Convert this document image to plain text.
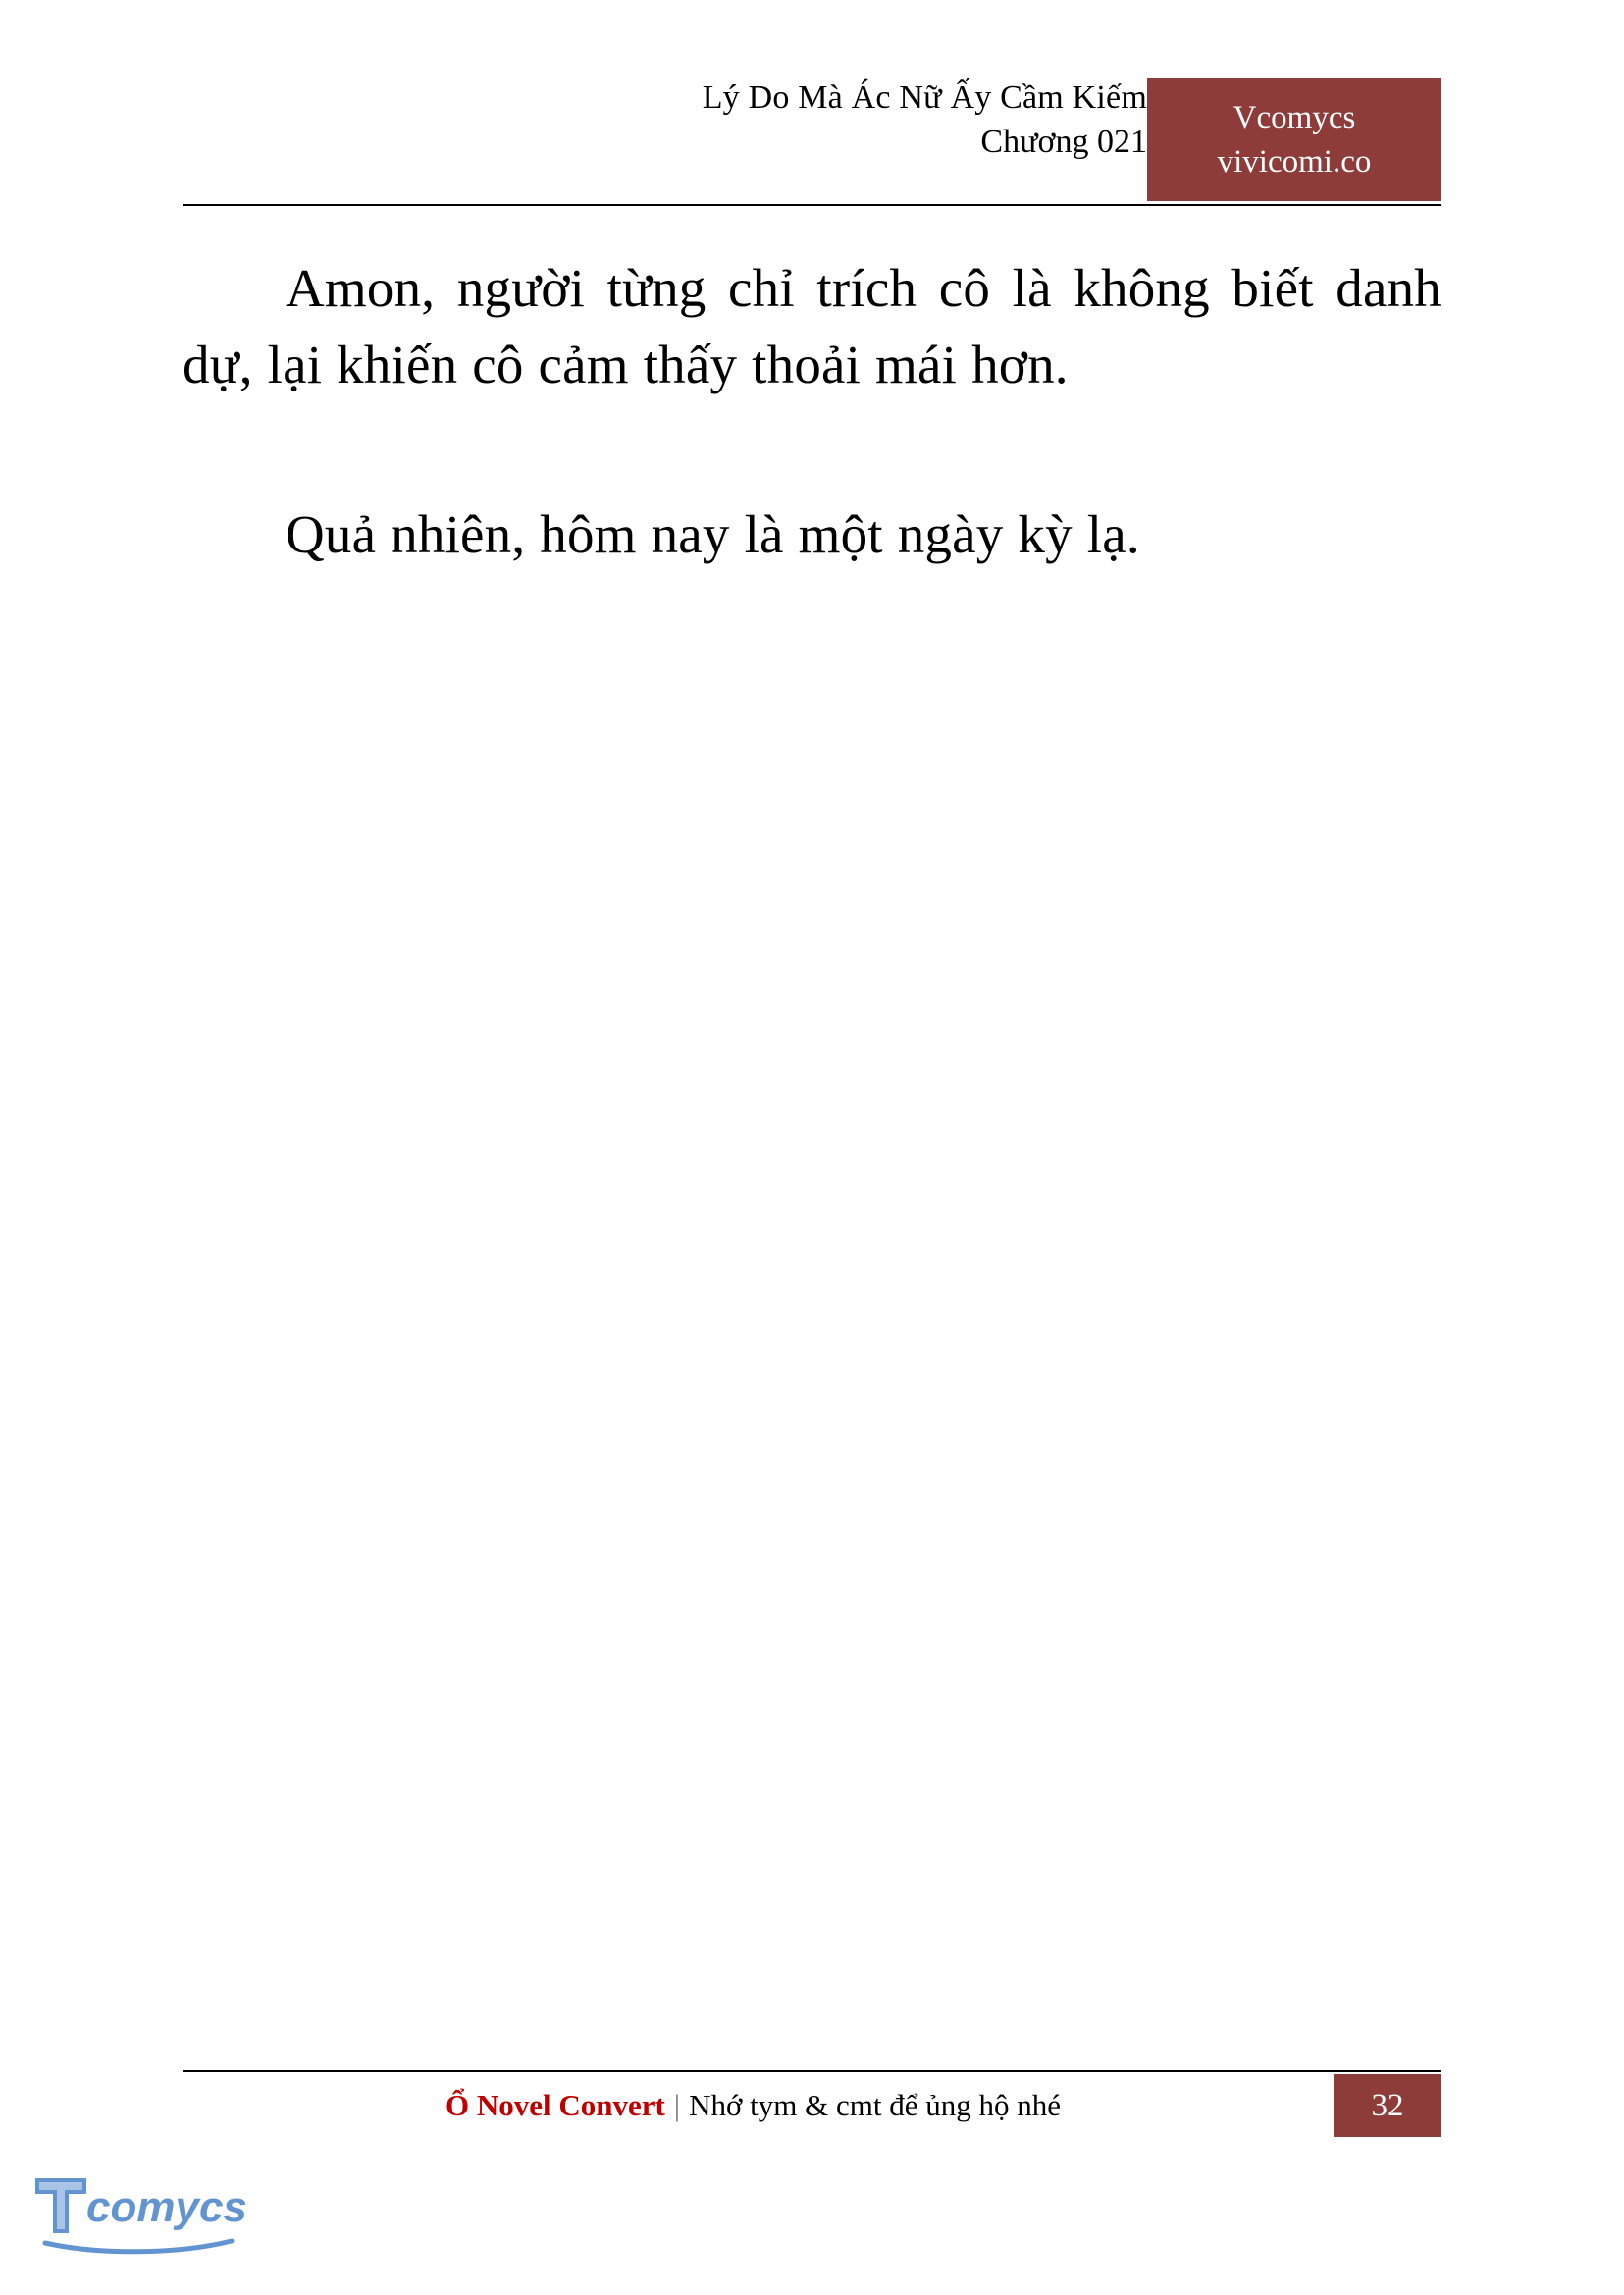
Lý Do Mà Ác Nữ Ấy Cầm Kiếm
Chương 021
Vcomycs
vivicomi.co

Amon, người từng chỉ trích cô là không biết danh dự, lại khiến cô cảm thấy thoải mái hơn.

Quả nhiên, hôm nay là một ngày kỳ lạ.

Ổ Novel Convert | Nhớ tym & cmt để ủng hộ nhé	32
comycs
